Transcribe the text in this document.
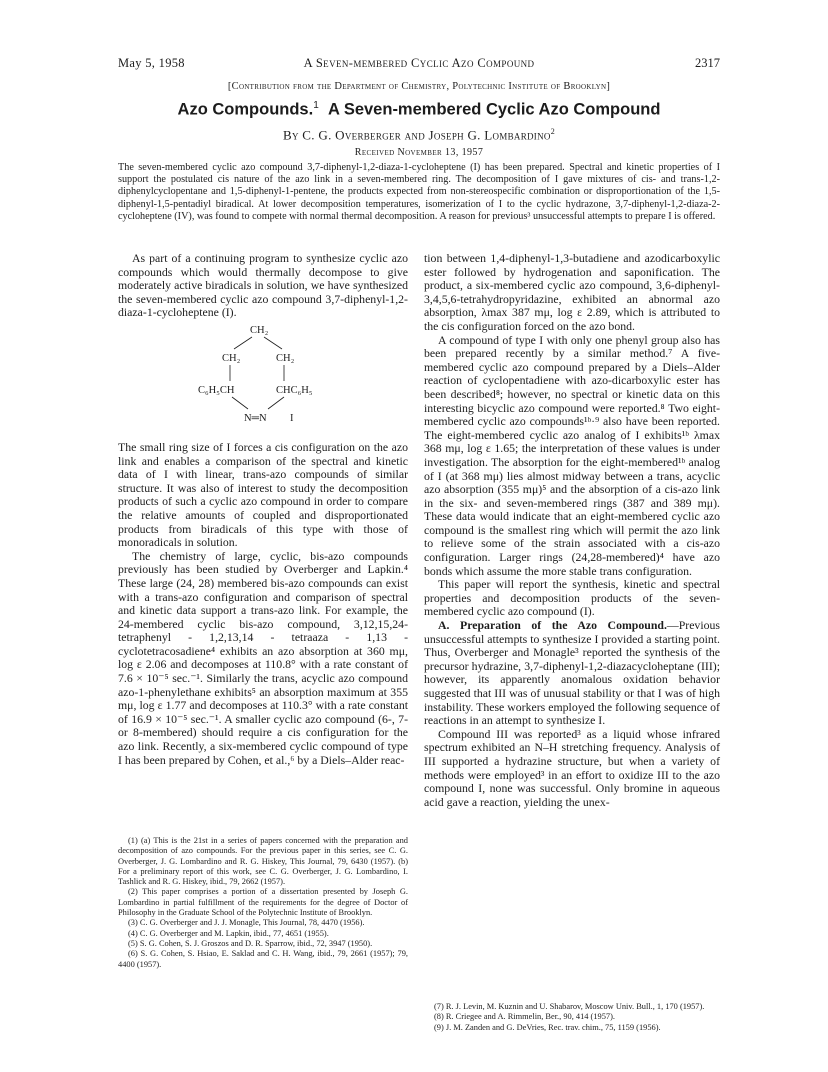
May 5, 1958	A Seven-membered Cyclic Azo Compound	2317
[Contribution from the Department of Chemistry, Polytechnic Institute of Brooklyn]
Azo Compounds.$^1$ A Seven-membered Cyclic Azo Compound
By C. G. Overberger and Joseph G. Lombardino$^2$
Received November 13, 1957
The seven-membered cyclic azo compound 3,7-diphenyl-1,2-diaza-1-cycloheptene (I) has been prepared. Spectral and kinetic properties of I support the postulated cis nature of the azo link in a seven-membered ring. The decomposition of I gave mixtures of cis- and trans-1,2-diphenylcyclopentane and 1,5-diphenyl-1-pentene, the products expected from non-stereospecific combination or disproportionation of the 1,5-diphenyl-1,5-pentadiyl biradical. At lower decomposition temperatures, isomerization of I to the cyclic hydrazone, 3,7-diphenyl-1,2-diaza-2-cycloheptene (IV), was found to compete with normal thermal decomposition. A reason for previous³ unsuccessful attempts to prepare I is offered.

As part of a continuing program to synthesize cyclic azo compounds which would thermally decompose to give moderately active biradicals in solution, we have synthesized the seven-membered cyclic azo compound 3,7-diphenyl-1,2-diaza-1-cycloheptene (I).

CH₂
CH₂	CH₂
C₆H₅CH	CHC₆H₅
N═N I

The small ring size of I forces a cis configuration on the azo link and enables a comparison of the spectral and kinetic data of I with linear, trans-azo compounds of similar structure. It was also of interest to study the decomposition products of such a cyclic azo compound in order to compare the relative amounts of coupled and disproportionated products from biradicals of this type with those of monoradicals in solution.

The chemistry of large, cyclic, bis-azo compounds previously has been studied by Overberger and Lapkin.⁴ These large (24, 28) membered bis-azo compounds can exist with a trans-azo configuration and comparison of spectral and kinetic data support a trans-azo link. For example, the 24-membered cyclic bis-azo compound, 3,12,15,24-tetraphenyl - 1,2,13,14 - tetraaza - 1,13 - cyclotetracosadiene⁴ exhibits an azo absorption at 360 mμ, log ε 2.06 and decomposes at 110.8° with a rate constant of 7.6 × 10⁻⁵ sec.⁻¹. Similarly the trans, acyclic azo compound azo-1-phenylethane exhibits⁵ an absorption maximum at 355 mμ, log ε 1.77 and decomposes at 110.3° with a rate constant of 16.9 × 10⁻⁵ sec.⁻¹. A smaller cyclic azo compound (6-, 7- or 8-membered) should require a cis configuration for the azo link. Recently, a six-membered cyclic compound of type I has been prepared by Cohen, et al.,⁶ by a Diels–Alder reac-

(1) (a) This is the 21st in a series of papers concerned with the preparation and decomposition of azo compounds. For the previous paper in this series, see C. G. Overberger, J. G. Lombardino and R. G. Hiskey, This Journal, 79, 6430 (1957). (b) For a preliminary report of this work, see C. G. Overberger, J. G. Lombardino, I. Tashlick and R. G. Hiskey, ibid., 79, 2662 (1957).

(2) This paper comprises a portion of a dissertation presented by Joseph G. Lombardino in partial fulfillment of the requirements for the degree of Doctor of Philosophy in the Graduate School of the Polytechnic Institute of Brooklyn.

(3) C. G. Overberger and J. J. Monagle, This Journal, 78, 4470 (1956).

(4) C. G. Overberger and M. Lapkin, ibid., 77, 4651 (1955).

(5) S. G. Cohen, S. J. Groszos and D. R. Sparrow, ibid., 72, 3947 (1950).

(6) S. G. Cohen, S. Hsiao, E. Saklad and C. H. Wang, ibid., 79, 2661 (1957); 79, 4400 (1957).

tion between 1,4-diphenyl-1,3-butadiene and azodicarboxylic ester followed by hydrogenation and saponification. The product, a six-membered cyclic azo compound, 3,6-diphenyl-3,4,5,6-tetrahydropyridazine, exhibited an abnormal azo absorption, λmax 387 mμ, log ε 2.89, which is attributed to the cis configuration forced on the azo bond.

A compound of type I with only one phenyl group also has been prepared recently by a similar method.⁷ A five-membered cyclic azo compound prepared by a Diels–Alder reaction of cyclopentadiene with azo-dicarboxylic ester has been described⁸; however, no spectral or kinetic data on this interesting bicyclic azo compound were reported.⁸ Two eight-membered cyclic azo compounds¹ᵇ·⁹ also have been reported. The eight-membered cyclic azo analog of I exhibits¹ᵇ λmax 368 mμ, log ε 1.65; the interpretation of these values is under investigation. The absorption for the eight-membered¹ᵇ analog of I (at 368 mμ) lies almost midway between a trans, acyclic azo absorption (355 mμ)⁵ and the absorption of a cis-azo link in the six- and seven-membered rings (387 and 389 mμ). These data would indicate that an eight-membered cyclic azo compound is the smallest ring which will permit the azo link to relieve some of the strain associated with a cis-azo configuration. Larger rings (24,28-membered)⁴ have azo bonds which assume the more stable trans configuration.

This paper will report the synthesis, kinetic and spectral properties and decomposition products of the seven-membered cyclic azo compound (I).

A. Preparation of the Azo Compound.—Previous unsuccessful attempts to synthesize I provided a starting point. Thus, Overberger and Monagle³ reported the synthesis of the precursor hydrazine, 3,7-diphenyl-1,2-diazacycloheptane (III); however, its apparently anomalous oxidation behavior suggested that III was of unusual stability or that I was of high instability. These workers employed the following sequence of reactions in an attempt to synthesize I.

Compound III was reported³ as a liquid whose infrared spectrum exhibited an N–H stretching frequency. Analysis of III supported a hydrazine structure, but when a variety of methods were employed³ in an effort to oxidize III to the azo compound I, none was successful. Only bromine in aqueous acid gave a reaction, yielding the unex-

(7) R. J. Levin, M. Kuznin and U. Shabarov, Moscow Univ. Bull., 1, 170 (1957).

(8) R. Criegee and A. Rimmelin, Ber., 90, 414 (1957).

(9) J. M. Zanden and G. DeVries, Rec. trav. chim., 75, 1159 (1956).
